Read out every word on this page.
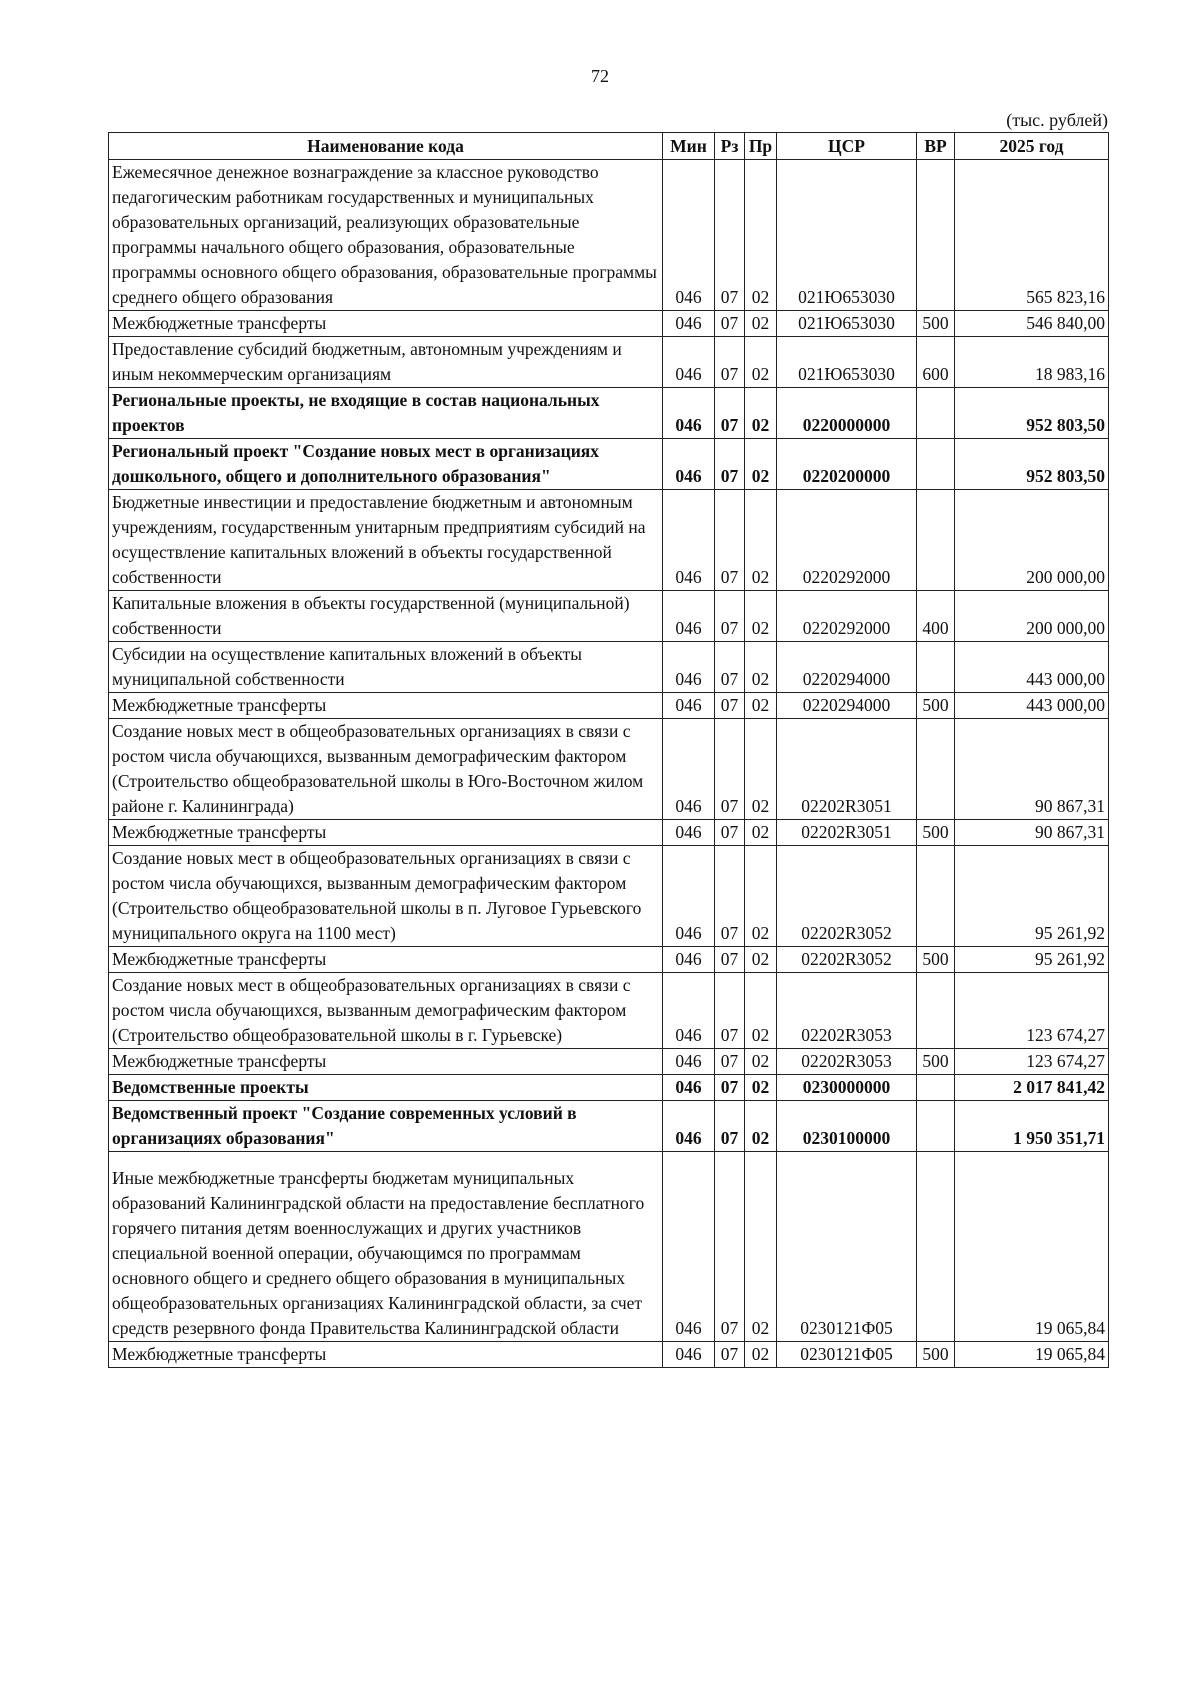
72
(тыс. рублей)
Наименование кода	Мин	Рз	Пр	ЦСР	ВР	2025 год
Ежемесячное денежное вознаграждение за классное руководство педагогическим работникам государственных и муниципальных образовательных организаций, реализующих образовательные программы начального общего образования, образовательные программы основного общего образования, образовательные программы среднего общего образования	046	07	02	021Ю653030		565 823,16
Межбюджетные трансферты	046	07	02	021Ю653030	500	546 840,00
Предоставление субсидий бюджетным, автономным учреждениям и иным некоммерческим организациям	046	07	02	021Ю653030	600	18 983,16
Региональные проекты, не входящие в состав национальных проектов	046	07	02	0220000000		952 803,50
Региональный проект "Создание новых мест в организациях дошкольного, общего и дополнительного образования"	046	07	02	0220200000		952 803,50
Бюджетные инвестиции и предоставление бюджетным и автономным учреждениям, государственным унитарным предприятиям субсидий на осуществление капитальных вложений в объекты государственной собственности	046	07	02	0220292000		200 000,00
Капитальные вложения в объекты государственной (муниципальной) собственности	046	07	02	0220292000	400	200 000,00
Субсидии на осуществление капитальных вложений в объекты муниципальной собственности	046	07	02	0220294000		443 000,00
Межбюджетные трансферты	046	07	02	0220294000	500	443 000,00
Создание новых мест в общеобразовательных организациях в связи с ростом числа обучающихся, вызванным демографическим фактором (Строительство общеобразовательной школы в Юго-Восточном жилом районе г. Калининграда)	046	07	02	02202R3051		90 867,31
Межбюджетные трансферты	046	07	02	02202R3051	500	90 867,31
Создание новых мест в общеобразовательных организациях в связи с ростом числа обучающихся, вызванным демографическим фактором (Строительство общеобразовательной школы в п. Луговое Гурьевского муниципального округа на 1100 мест)	046	07	02	02202R3052		95 261,92
Межбюджетные трансферты	046	07	02	02202R3052	500	95 261,92
Создание новых мест в общеобразовательных организациях в связи с ростом числа обучающихся, вызванным демографическим фактором (Строительство общеобразовательной школы в г. Гурьевске)	046	07	02	02202R3053		123 674,27
Межбюджетные трансферты	046	07	02	02202R3053	500	123 674,27
Ведомственные проекты	046	07	02	0230000000		2 017 841,42
Ведомственный проект "Создание современных условий в организациях образования"	046	07	02	0230100000		1 950 351,71

Иные межбюджетные трансферты бюджетам муниципальных образований Калининградской области на предоставление бесплатного горячего питания детям военнослужащих и других участников специальной военной операции, обучающимся по программам основного общего и среднего общего образования в муниципальных общеобразовательных организациях Калининградской области, за счет средств резервного фонда Правительства Калининградской области	046	07	02	0230121Ф05		19 065,84
Межбюджетные трансферты	046	07	02	0230121Ф05	500	19 065,84
